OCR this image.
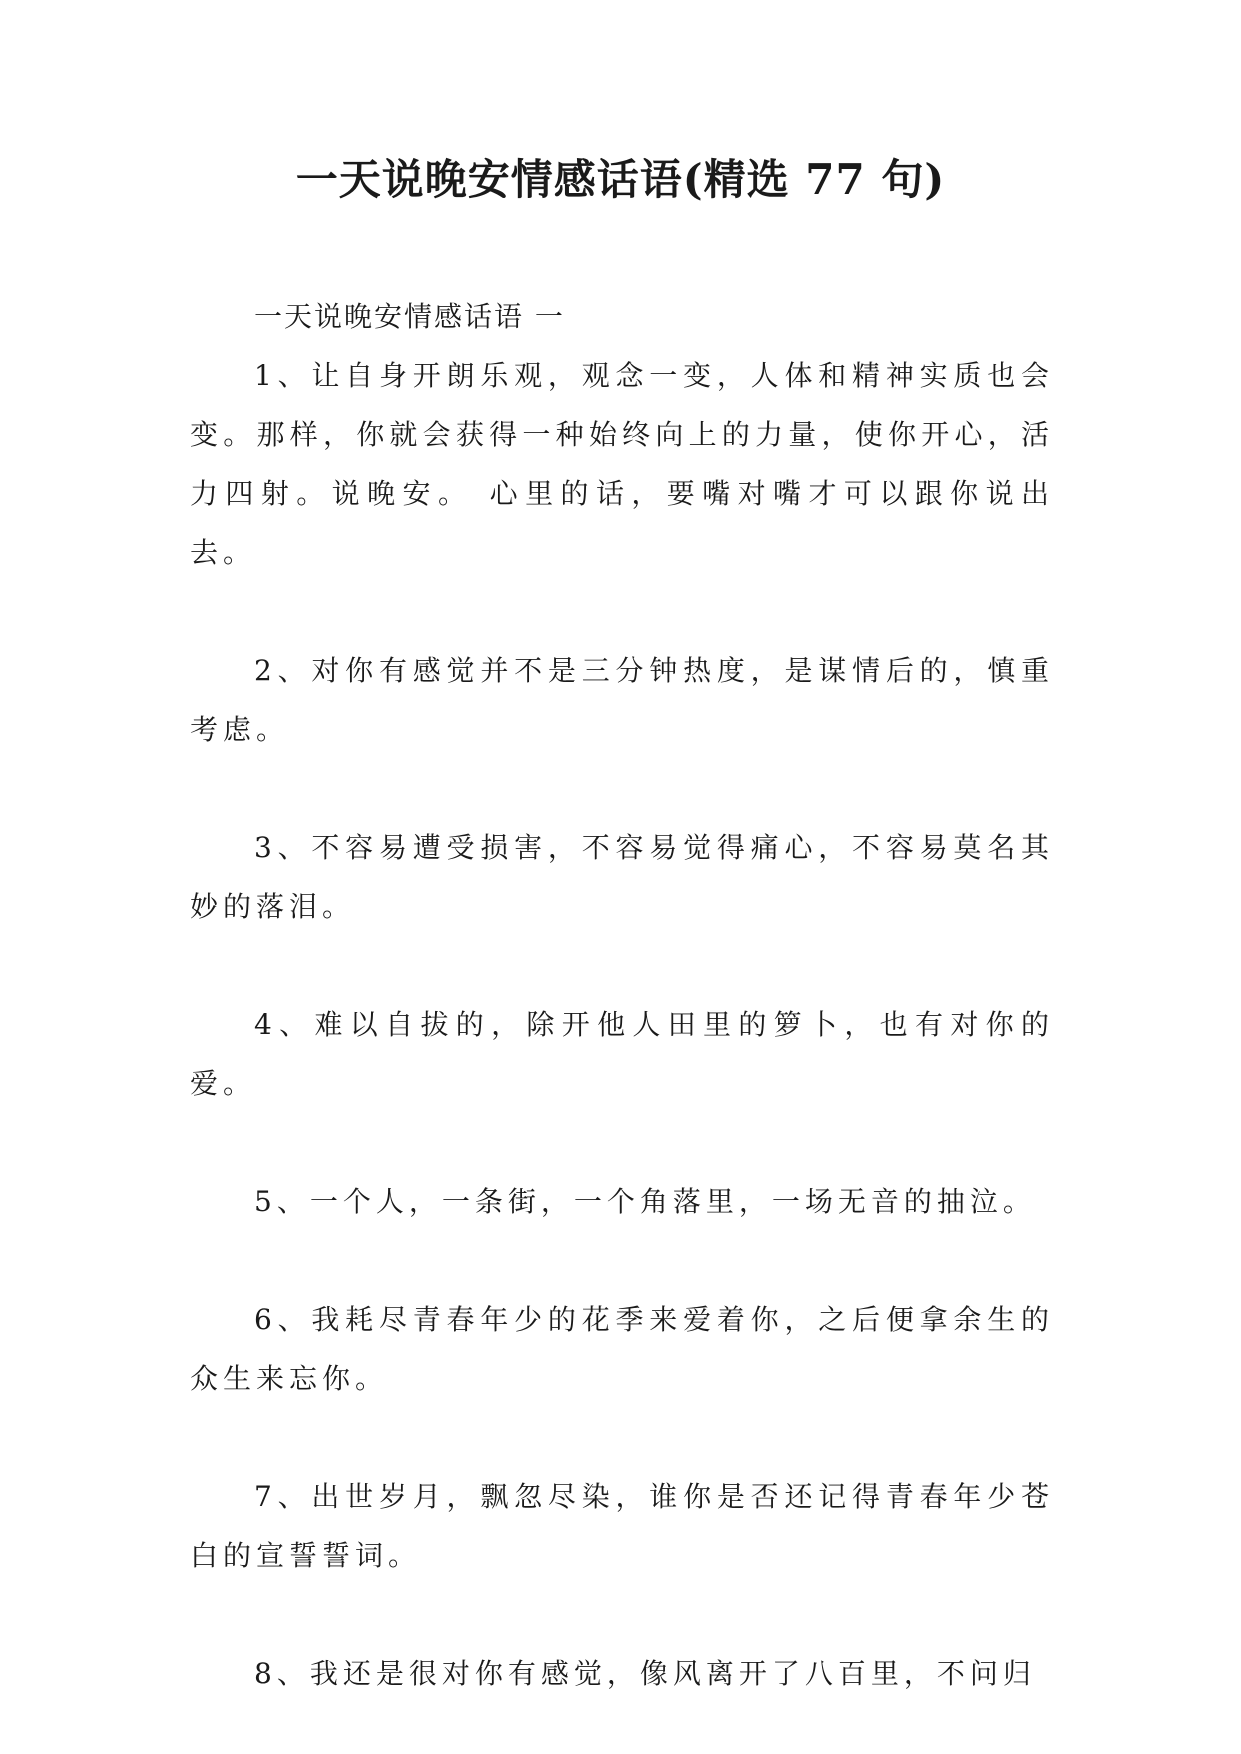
一天说晚安情感话语(精选 77 句)

一天说晚安情感话语 一

1、让自身开朗乐观，观念一变，人体和精神实质也会变。那样，你就会获得一种始终向上的力量，使你开心，活力四射。说晚安。 心里的话，要嘴对嘴才可以跟你说出去。

2、对你有感觉并不是三分钟热度，是谋情后的，慎重考虑。

3、不容易遭受损害，不容易觉得痛心，不容易莫名其妙的落泪。

4、难以自拔的，除开他人田里的箩卜，也有对你的爱。

5、一个人，一条街，一个角落里，一场无音的抽泣。

6、我耗尽青春年少的花季来爱着你，之后便拿余生的众生来忘你。

7、出世岁月，飘忽尽染，谁你是否还记得青春年少苍白的宣誓誓词。

8、我还是很对你有感觉，像风离开了八百里，不问归
